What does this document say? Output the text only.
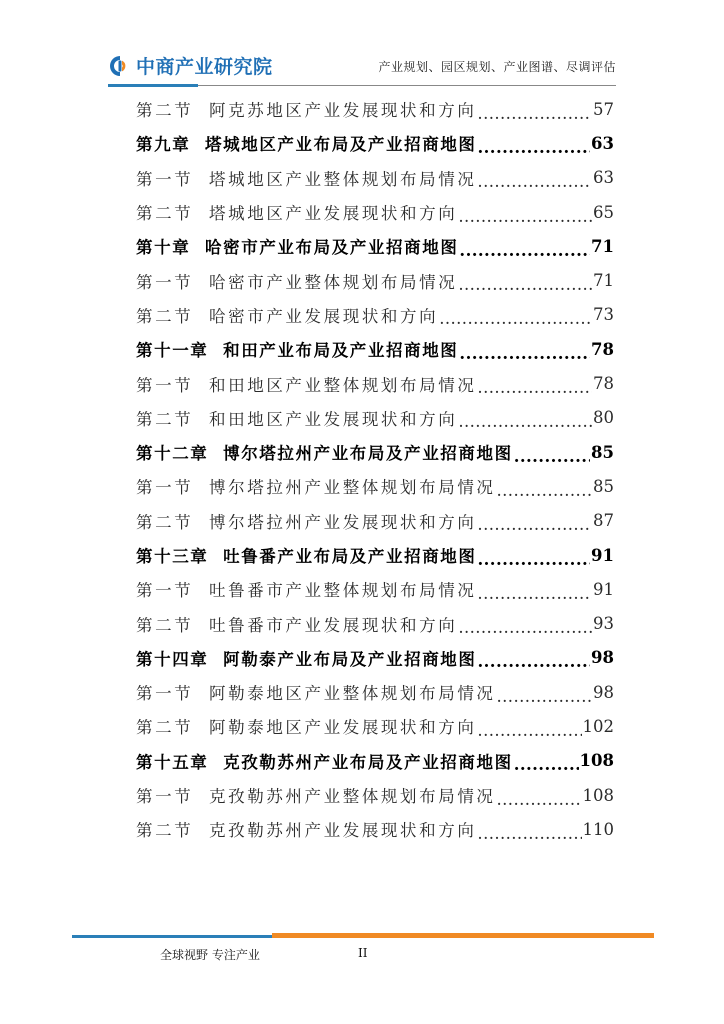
中商产业研究院	产业规划、园区规划、产业图谱、尽调评估
第二节 阿克苏地区产业发展现状和方向 .....	57
第九章 塔城地区产业布局及产业招商地图 .....	63
第一节 塔城地区产业整体规划布局情况 .....	63
第二节 塔城地区产业发展现状和方向 .....	65
第十章 哈密市产业布局及产业招商地图 .....	71
第一节 哈密市产业整体规划布局情况 .....	71
第二节 哈密市产业发展现状和方向 .....	73
第十一章 和田产业布局及产业招商地图 .....	78
第一节 和田地区产业整体规划布局情况 .....	78
第二节 和田地区产业发展现状和方向 .....	80
第十二章 博尔塔拉州产业布局及产业招商地图 .....	85
第一节 博尔塔拉州产业整体规划布局情况 .....	85
第二节 博尔塔拉州产业发展现状和方向 .....	87
第十三章 吐鲁番产业布局及产业招商地图 .....	91
第一节 吐鲁番市产业整体规划布局情况 .....	91
第二节 吐鲁番市产业发展现状和方向 .....	93
第十四章 阿勒泰产业布局及产业招商地图 .....	98
第一节 阿勒泰地区产业整体规划布局情况 .....	98
第二节 阿勒泰地区产业发展现状和方向 .....	102
第十五章 克孜勒苏州产业布局及产业招商地图 .....	108
第一节 克孜勒苏州产业整体规划布局情况 .....	108
第二节 克孜勒苏州产业发展现状和方向 .....	110
全球视野 专注产业	II
